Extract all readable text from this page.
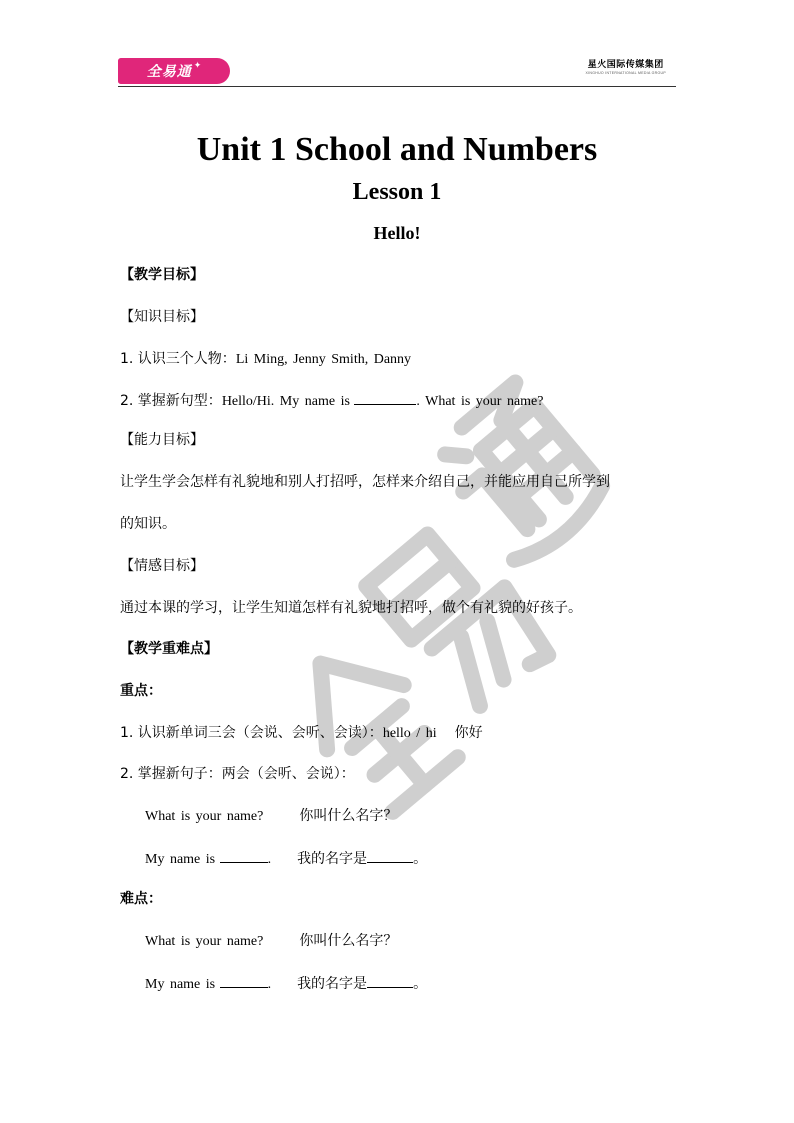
全易通 ✦	星火国际传媒集团
XINGHUO INTERNATIONAL MEDIA GROUP
Unit 1 School and Numbers
Lesson 1
Hello!
【教学目标】
【知识目标】
1. 认识三个人物：Li Ming, Jenny Smith, Danny
2. 掌握新句型：Hello/Hi. My name is	. What is your name?
【能力目标】
让学生学会怎样有礼貌地和别人打招呼，怎样来介绍自己，并能应用自己所学到
的知识。
【情感目标】
通过本课的学习，让学生知道怎样有礼貌地打招呼，做个有礼貌的好孩子。
【教学重难点】
重点：
1. 认识新单词三会（会说、会听、会读）：hello / hi 你好
2. 掌握新句子：两会（会听、会说）：
What is your name?	你叫什么名字？
My name is	. 我的名字是	。
难点：
What is your name?	你叫什么名字？
My name is	. 我的名字是	。
